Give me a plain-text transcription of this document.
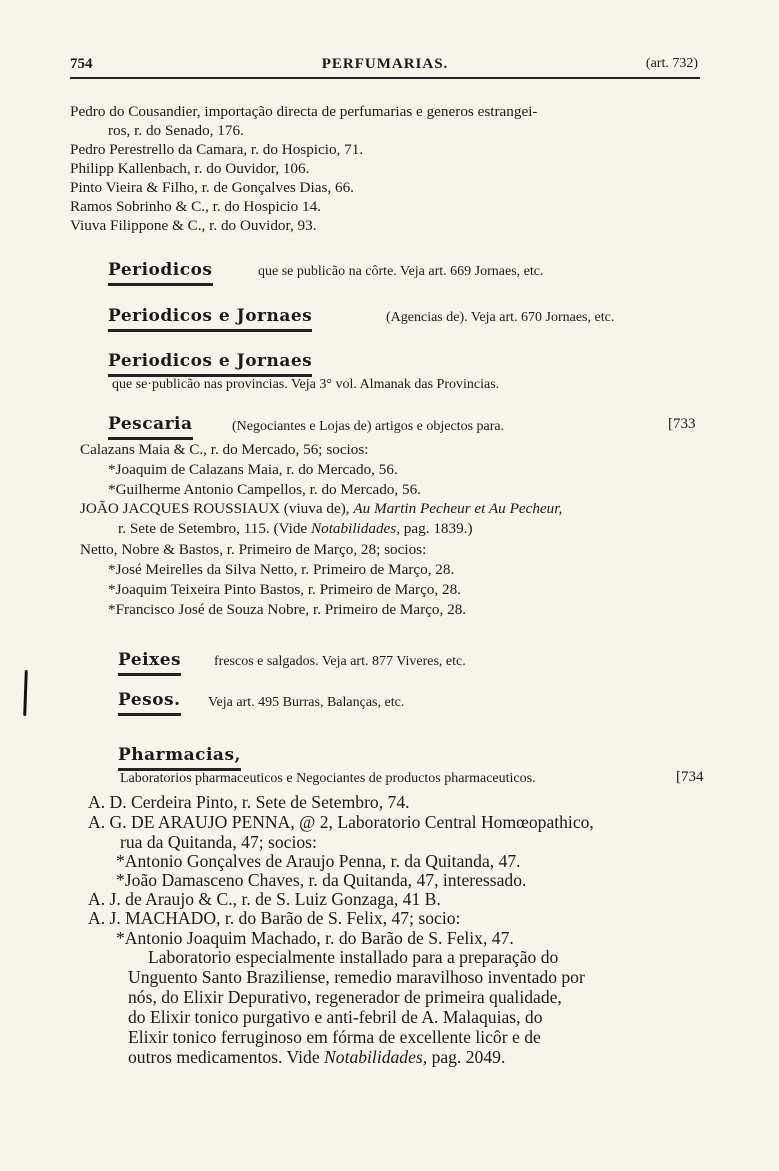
754	PERFUMARIAS.	(art. 732)
Pedro do Cousandier, importação directa de perfumarias e generos estrangei-
ros, r. do Senado, 176.
Pedro Perestrello da Camara, r. do Hospicio, 71.
Philipp Kallenbach, r. do Ouvidor, 106.
Pinto Vieira & Filho, r. de Gonçalves Dias, 66.
Ramos Sobrinho & C., r. do Hospicio 14.
Viuva Filippone & C., r. do Ouvidor, 93.
Periodicos	que se publicão na côrte. Veja art. 669 Jornaes, etc.
Periodicos e Jornaes	(Agencias de). Veja art. 670 Jornaes, etc.
Periodicos e Jornaes
que se·publicão nas provincias. Veja 3° vol. Almanak das Provincias.
Pescaria	(Negociantes e Lojas de) artigos e objectos para.	[733
Calazans Maia & C., r. do Mercado, 56; socios:
*Joaquim de Calazans Maia, r. do Mercado, 56.
*Guilherme Antonio Campellos, r. do Mercado, 56.
JOÃO JACQUES ROUSSIAUX (viuva de), Au Martin Pecheur et Au Pecheur,
r. Sete de Setembro, 115. (Vide Notabilidades, pag. 1839.)
Netto, Nobre & Bastos, r. Primeiro de Março, 28; socios:
*José Meirelles da Silva Netto, r. Primeiro de Março, 28.
*Joaquim Teixeira Pinto Bastos, r. Primeiro de Março, 28.
*Francisco José de Souza Nobre, r. Primeiro de Março, 28.
Peixes frescos e salgados. Veja art. 877 Viveres, etc.
Pesos. Veja art. 495 Burras, Balanças, etc.
Pharmacias,
Laboratorios pharmaceuticos e Negociantes de productos pharmaceuticos.	[734
A. D. Cerdeira Pinto, r. Sete de Setembro, 74.
A. G. DE ARAUJO PENNA, @ 2, Laboratorio Central Homœopathico,
rua da Quitanda, 47; socios:
*Antonio Gonçalves de Araujo Penna, r. da Quitanda, 47.
*João Damasceno Chaves, r. da Quitanda, 47, interessado.
A. J. de Araujo & C., r. de S. Luiz Gonzaga, 41 B.
A. J. MACHADO, r. do Barão de S. Felix, 47; socio:
*Antonio Joaquim Machado, r. do Barão de S. Felix, 47.
Laboratorio especialmente installado para a preparação do
Unguento Santo Braziliense, remedio maravilhoso inventado por
nós, do Elixir Depurativo, regenerador de primeira qualidade,
do Elixir tonico purgativo e anti-febril de A. Malaquias, do
Elixir tonico ferruginoso em fórma de excellente licôr e de
outros medicamentos. Vide Notabilidades, pag. 2049.
